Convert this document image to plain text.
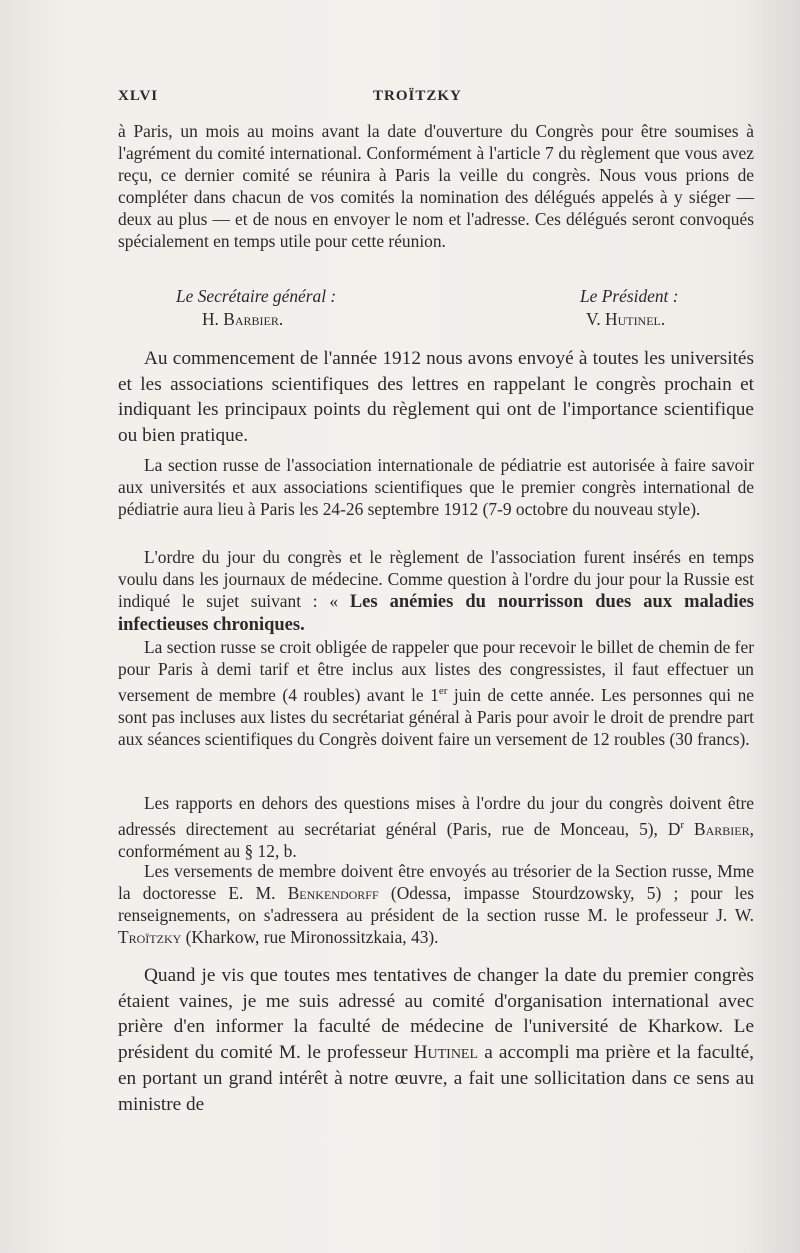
XLVI	TROÏTZKY

à Paris, un mois au moins avant la date d'ouverture du Congrès pour être soumises à l'agrément du comité international. Conformément à l'article 7 du règlement que vous avez reçu, ce dernier comité se réunira à Paris la veille du congrès. Nous vous prions de compléter dans chacun de vos comités la nomination des délégués appelés à y siéger — deux au plus — et de nous en envoyer le nom et l'adresse. Ces délégués seront convoqués spécialement en temps utile pour cette réunion.

Le Secrétaire général :
H. Barbier.
Le Président :
V. Hutinel.

Au commencement de l'année 1912 nous avons envoyé à toutes les universités et les associations scientifiques des lettres en rappelant le congrès prochain et indiquant les principaux points du règlement qui ont de l'importance scientifique ou bien pratique.

La section russe de l'association internationale de pédiatrie est autorisée à faire savoir aux universités et aux associations scientifiques que le premier congrès international de pédiatrie aura lieu à Paris les 24-26 septembre 1912 (7-9 octobre du nouveau style).

L'ordre du jour du congrès et le règlement de l'association furent insérés en temps voulu dans les journaux de médecine. Comme question à l'ordre du jour pour la Russie est indiqué le sujet suivant : « Les anémies du nourrisson dues aux maladies infectieuses chroniques.

La section russe se croit obligée de rappeler que pour recevoir le billet de chemin de fer pour Paris à demi tarif et être inclus aux listes des congressistes, il faut effectuer un versement de membre (4 roubles) avant le 1er juin de cette année. Les personnes qui ne sont pas incluses aux listes du secrétariat général à Paris pour avoir le droit de prendre part aux séances scientifiques du Congrès doivent faire un versement de 12 roubles (30 francs).

Les rapports en dehors des questions mises à l'ordre du jour du congrès doivent être adressés directement au secrétariat général (Paris, rue de Monceau, 5), $D^r$ Barbier, conformément au § 12, b.

Les versements de membre doivent être envoyés au trésorier de la Section russe, Mme la doctoresse E. M. Benkendorff (Odessa, impasse Stourdzowsky, 5) ; pour les renseignements, on s'adressera au président de la section russe M. le professeur J. W. Troïtzky (Kharkow, rue Mironossitzkaia, 43).

Quand je vis que toutes mes tentatives de changer la date du premier congrès étaient vaines, je me suis adressé au comité d'organisation international avec prière d'en informer la faculté de médecine de l'université de Kharkow. Le président du comité M. le professeur Hutinel a accompli ma prière et la faculté, en portant un grand intérêt à notre œuvre, a fait une sollicitation dans ce sens au ministre de
